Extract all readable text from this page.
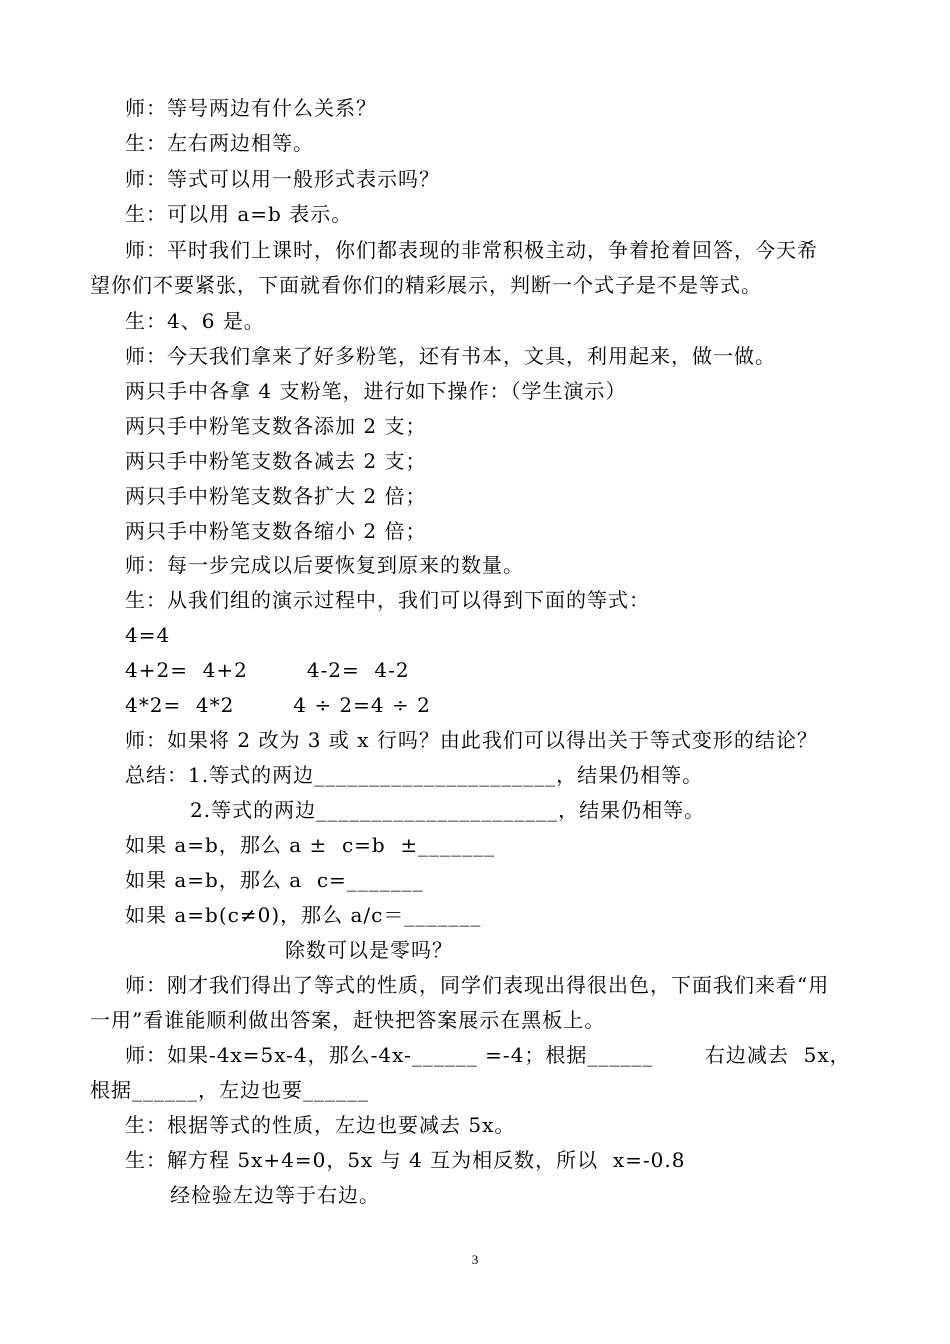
师：等号两边有什么关系？
生：左右两边相等。
师：等式可以用一般形式表示吗？
生：可以用 a=b 表示。
师：平时我们上课时，你们都表现的非常积极主动，争着抢着回答，今天希
望你们不要紧张，下面就看你们的精彩展示，判断一个式子是不是等式。
生：4、6 是。
师：今天我们拿来了好多粉笔，还有书本，文具，利用起来，做一做。
两只手中各拿 4 支粉笔，进行如下操作：（学生演示）
两只手中粉笔支数各添加 2 支；
两只手中粉笔支数各减去 2 支；
两只手中粉笔支数各扩大 2 倍；
两只手中粉笔支数各缩小 2 倍；
师：每一步完成以后要恢复到原来的数量。
生：从我们组的演示过程中，我们可以得到下面的等式：
4=4
4+2=  4+2        4-2=  4-2
4*2=  4*2        4 ÷ 2=4 ÷ 2
师：如果将 2 改为 3 或 x 行吗？由此我们可以得出关于等式变形的结论？
总结：1.等式的两边______________________，结果仍相等。
2.等式的两边______________________，结果仍相等。
如果 a=b，那么 a ±  c=b  ±_______
如果 a=b，那么 a  c=_______
如果 a=b(c≠0)，那么 a/c＝_______
除数可以是零吗？
师：刚才我们得出了等式的性质，同学们表现出得很出色，下面我们来看“用
一用”看谁能顺利做出答案，赶快把答案展示在黑板上。
师：如果-4x=5x-4，那么-4x-______ =-4；根据______       右边减去  5x，
根据______，左边也要______
生：根据等式的性质，左边也要减去 5x。
生：解方程 5x+4=0，5x 与 4 互为相反数，所以  x=-0.8
经检验左边等于右边。
3
